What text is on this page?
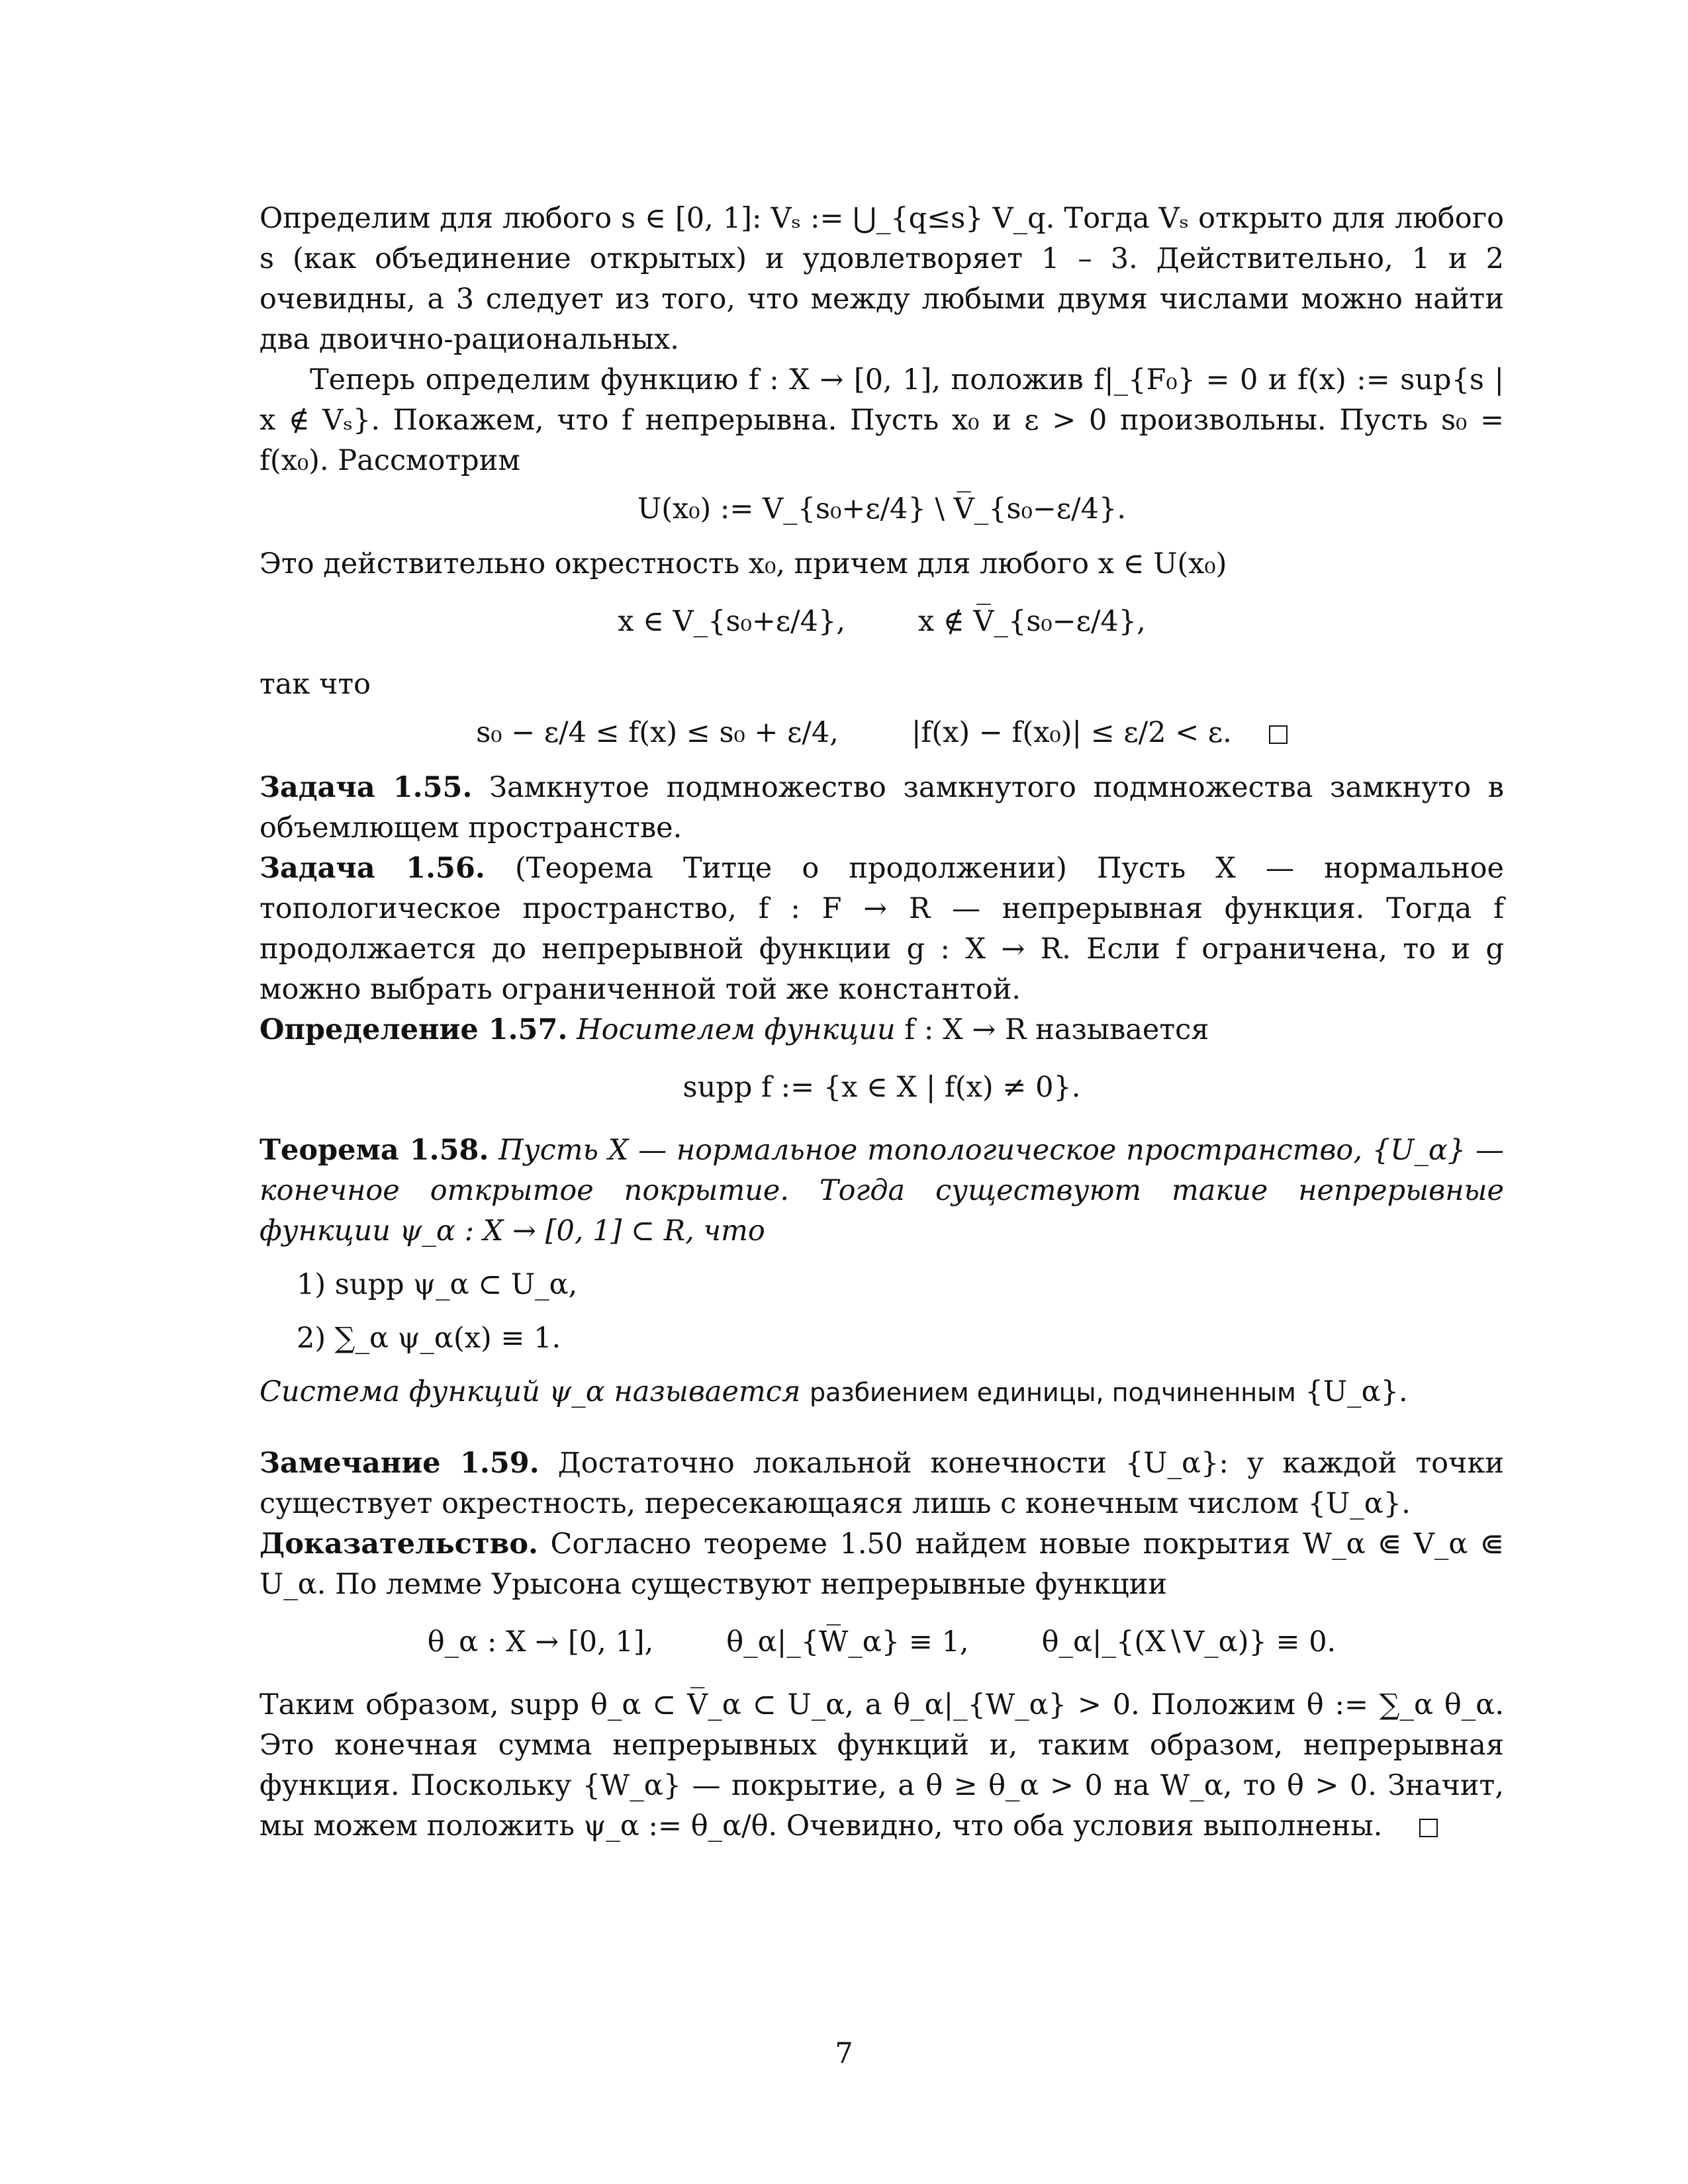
Определим для любого s ∈ [0, 1]: Vₛ := ⋃_{q≤s} V_q. Тогда Vₛ открыто для любого s (как объединение открытых) и удовлетворяет 1 – 3. Действительно, 1 и 2 очевидны, а 3 следует из того, что между любыми двумя числами можно найти два двоично-рациональных.

Теперь определим функцию f : X → [0, 1], положив f|_{F₀} = 0 и f(x) := sup{s | x ∉ Vₛ}. Покажем, что f непрерывна. Пусть x₀ и ε > 0 произвольны. Пусть s₀ = f(x₀). Рассмотрим

U(x₀) := V_{s₀+ε/4} \ V̅_{s₀−ε/4}.

Это действительно окрестность x₀, причем для любого x ∈ U(x₀)

x ∈ V_{s₀+ε/4},	x ∉ V̅_{s₀−ε/4},

так что

s₀ − ε/4 ≤ f(x) ≤ s₀ + ε/4,	|f(x) − f(x₀)| ≤ ε/2 < ε.

Задача 1.55. Замкнутое подмножество замкнутого подмножества замкнуто в объемлющем пространстве.

Задача 1.56. (Теорема Титце о продолжении) Пусть X — нормальное топологическое пространство, f : F → R — непрерывная функция. Тогда f продолжается до непрерывной функции g : X → R. Если f ограничена, то и g можно выбрать ограниченной той же константой.

Определение 1.57. Носителем функции f : X → R называется

supp f := {x ∈ X | f(x) ≠ 0}.

Теорема 1.58. Пусть X — нормальное топологическое пространство, {U_α} — конечное открытое покрытие. Тогда существуют такие непрерывные функции ψ_α : X → [0, 1] ⊂ R, что

1) supp ψ_α ⊂ U_α,

2) ∑_α ψ_α(x) ≡ 1.

Система функций ψ_α называется разбиением единицы, подчиненным {U_α}.

Замечание 1.59. Достаточно локальной конечности {U_α}: у каждой точки существует окрестность, пересекающаяся лишь с конечным числом {U_α}.

Доказательство. Согласно теореме 1.50 найдем новые покрытия W_α ⋐ V_α ⋐ U_α. По лемме Урысона существуют непрерывные функции

θ_α : X → [0, 1],	θ_α|_{W̅_α} ≡ 1,	θ_α|_{(X∖V_α)} ≡ 0.

Таким образом, supp θ_α ⊂ V̅_α ⊂ U_α, а θ_α|_{W_α} > 0. Положим θ := ∑_α θ_α. Это конечная сумма непрерывных функций и, таким образом, непрерывная функция. Поскольку {W_α} — покрытие, а θ ≥ θ_α > 0 на W_α, то θ > 0. Значит, мы можем положить ψ_α := θ_α/θ. Очевидно, что оба условия выполнены.

7
